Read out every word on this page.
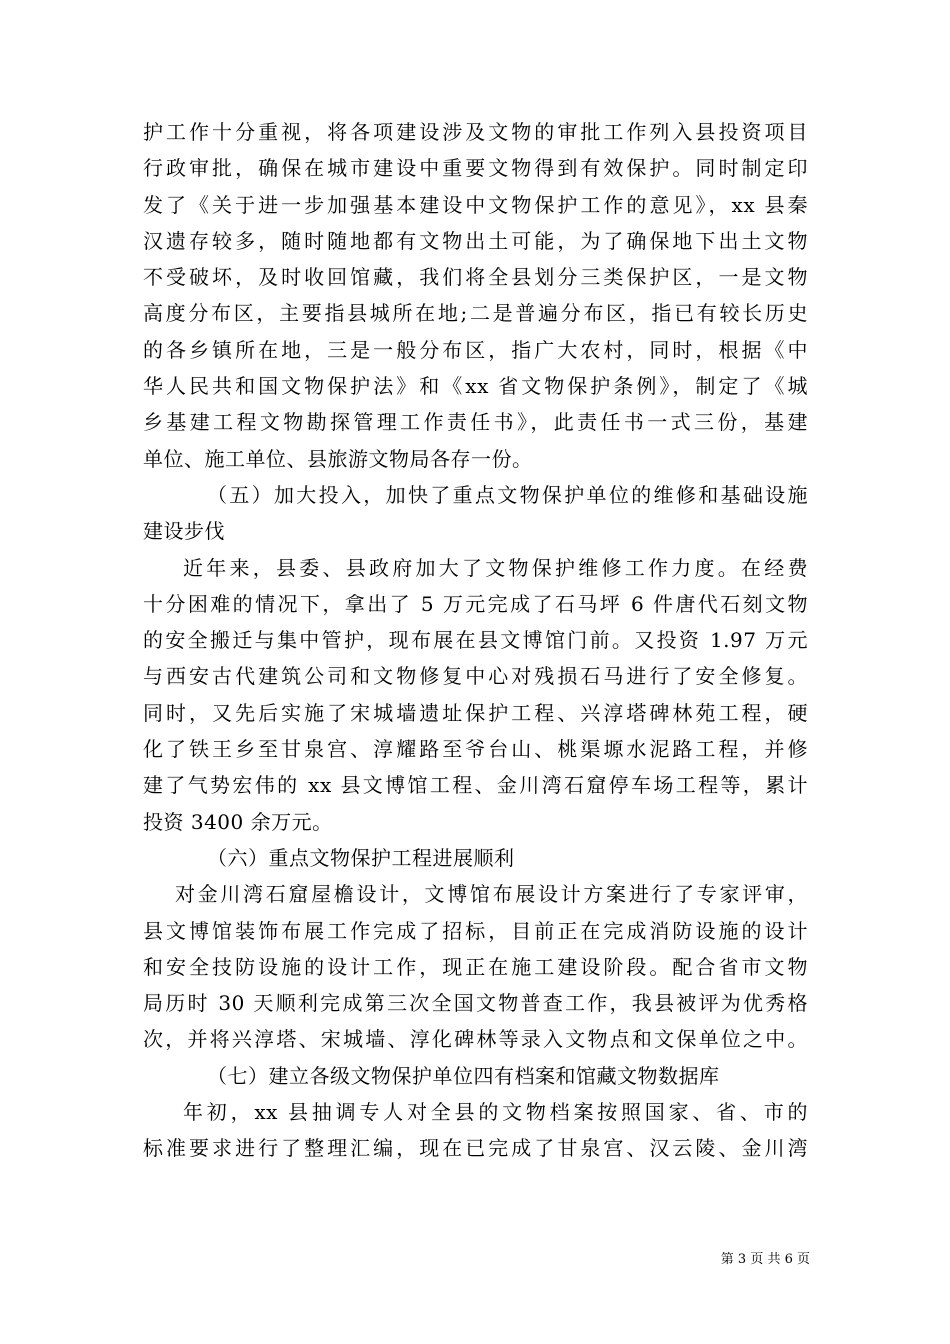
护工作十分重视，将各项建设涉及文物的审批工作列入县投资项目
行政审批，确保在城市建设中重要文物得到有效保护。同时制定印
发了《关于进一步加强基本建设中文物保护工作的意见》，xx 县秦
汉遗存较多，随时随地都有文物出土可能，为了确保地下出土文物
不受破坏，及时收回馆藏，我们将全县划分三类保护区，一是文物
高度分布区，主要指县城所在地;二是普遍分布区，指已有较长历史
的各乡镇所在地，三是一般分布区，指广大农村，同时，根据《中
华人民共和国文物保护法》和《xx 省文物保护条例》，制定了《城
乡基建工程文物勘探管理工作责任书》，此责任书一式三份，基建
单位、施工单位、县旅游文物局各存一份。
（五）加大投入，加快了重点文物保护单位的维修和基础设施
建设步伐
近年来，县委、县政府加大了文物保护维修工作力度。在经费
十分困难的情况下，拿出了 5 万元完成了石马坪 6 件唐代石刻文物
的安全搬迁与集中管护，现布展在县文博馆门前。又投资 1.97 万元
与西安古代建筑公司和文物修复中心对残损石马进行了安全修复。
同时，又先后实施了宋城墙遗址保护工程、兴淳塔碑林苑工程，硬
化了铁王乡至甘泉宫、淳耀路至爷台山、桃渠塬水泥路工程，并修
建了气势宏伟的 xx 县文博馆工程、金川湾石窟停车场工程等，累计
投资 3400 余万元。
（六）重点文物保护工程进展顺利
对金川湾石窟屋檐设计，文博馆布展设计方案进行了专家评审，
县文博馆装饰布展工作完成了招标，目前正在完成消防设施的设计
和安全技防设施的设计工作，现正在施工建设阶段。配合省市文物
局历时 30 天顺利完成第三次全国文物普查工作，我县被评为优秀格
次，并将兴淳塔、宋城墙、淳化碑林等录入文物点和文保单位之中。
（七）建立各级文物保护单位四有档案和馆藏文物数据库
年初，xx 县抽调专人对全县的文物档案按照国家、省、市的
标准要求进行了整理汇编，现在已完成了甘泉宫、汉云陵、金川湾
第 3 页 共 6 页
